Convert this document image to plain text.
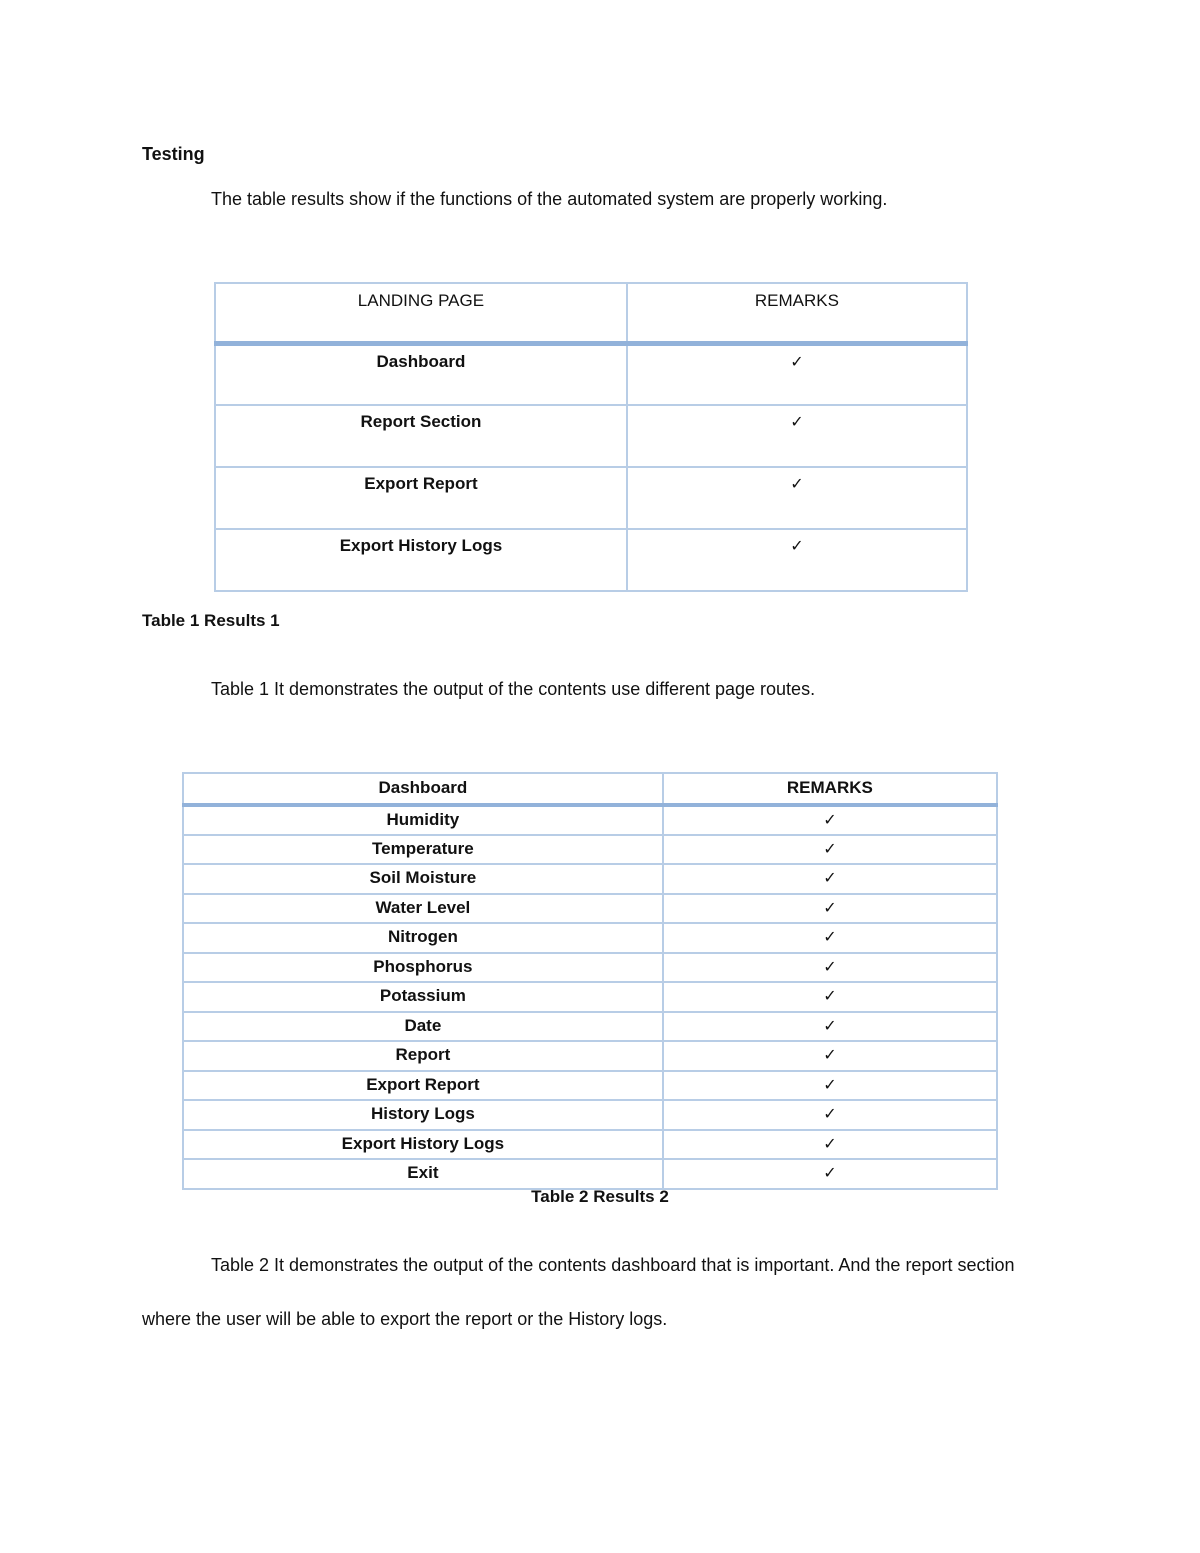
Testing
The table results show if the functions of the automated system are properly working.
LANDING PAGE	REMARKS
Dashboard	✓
Report Section	✓
Export Report	✓
Export History Logs	✓
Table 1 Results 1
Table 1 It demonstrates the output of the contents use different page routes.
Dashboard	REMARKS
Humidity	✓
Temperature	✓
Soil Moisture	✓
Water Level	✓
Nitrogen	✓
Phosphorus	✓
Potassium	✓
Date	✓
Report	✓
Export Report	✓
History Logs	✓
Export History Logs	✓
Exit	✓
Table 2 Results 2
Table 2 It demonstrates the output of the contents dashboard that is important. And the report section where the user will be able to export the report or the History logs.
